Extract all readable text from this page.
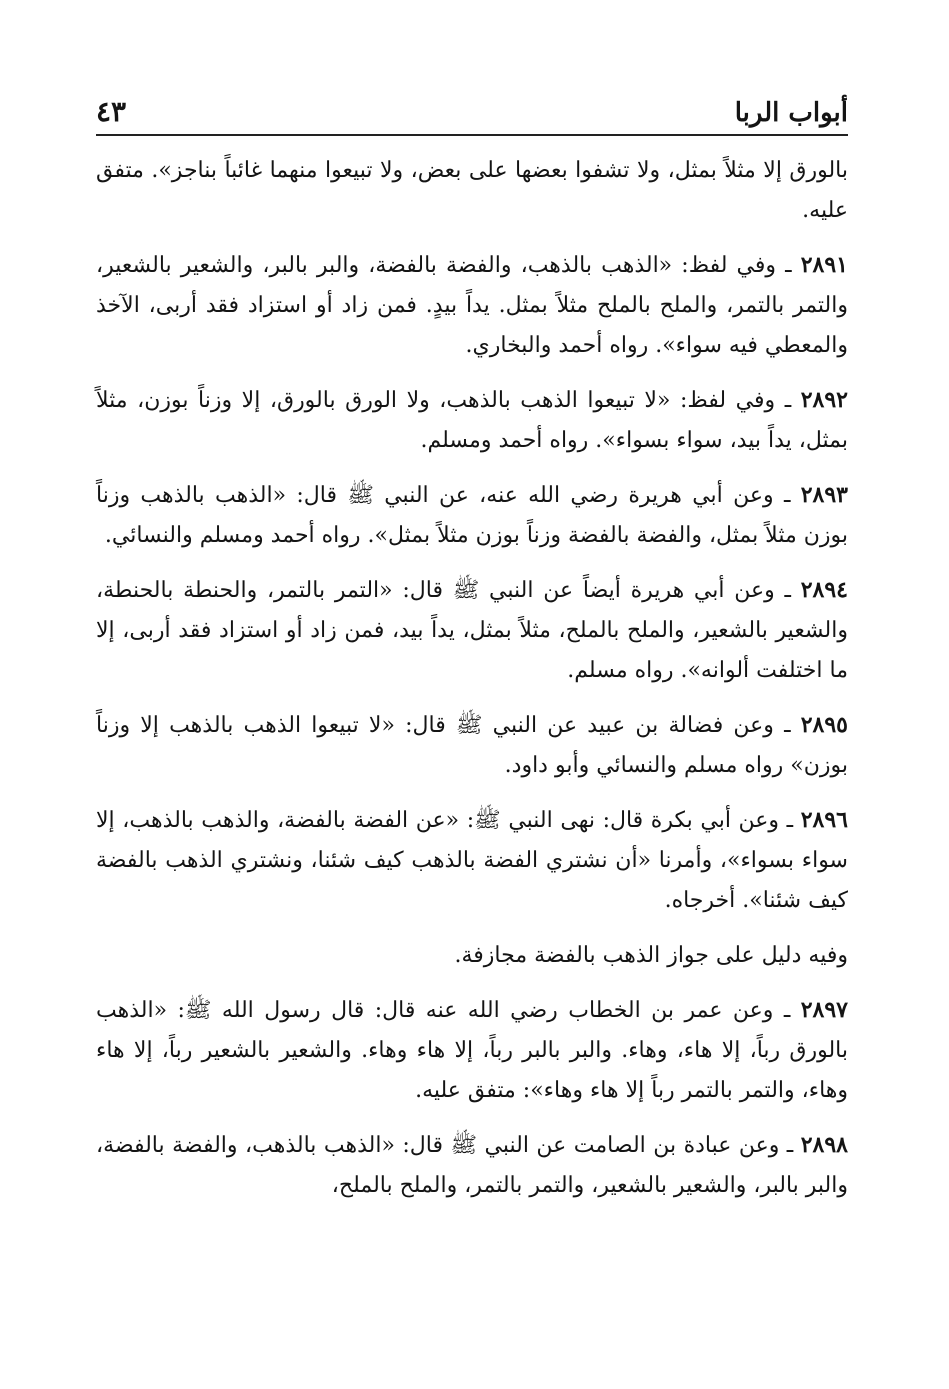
أبواب الربا
٤٣

بالورق إلا مثلاً بمثل، ولا تشفوا بعضها على بعض، ولا تبيعوا منهما غائباً بناجز». متفق عليه.

٢٨٩١ ـ وفي لفظ: «الذهب بالذهب، والفضة بالفضة، والبر بالبر، والشعير بالشعير، والتمر بالتمر، والملح بالملح مثلاً بمثل. يداً بيدٍ. فمن زاد أو استزاد فقد أربى، الآخذ والمعطي فيه سواء». رواه أحمد والبخاري.

٢٨٩٢ ـ وفي لفظ: «لا تبيعوا الذهب بالذهب، ولا الورق بالورق، إلا وزناً بوزن، مثلاً بمثل، يداً بيد، سواء بسواء». رواه أحمد ومسلم.

٢٨٩٣ ـ وعن أبي هريرة رضي الله عنه، عن النبي ﷺ قال: «الذهب بالذهب وزناً بوزن مثلاً بمثل، والفضة بالفضة وزناً بوزن مثلاً بمثل». رواه أحمد ومسلم والنسائي.

٢٨٩٤ ـ وعن أبي هريرة أيضاً عن النبي ﷺ قال: «التمر بالتمر، والحنطة بالحنطة، والشعير بالشعير، والملح بالملح، مثلاً بمثل، يداً بيد، فمن زاد أو استزاد فقد أربى، إلا ما اختلفت ألوانه». رواه مسلم.

٢٨٩٥ ـ وعن فضالة بن عبيد عن النبي ﷺ قال: «لا تبيعوا الذهب بالذهب إلا وزناً بوزن» رواه مسلم والنسائي وأبو داود.

٢٨٩٦ ـ وعن أبي بكرة قال: نهى النبي ﷺ: «عن الفضة بالفضة، والذهب بالذهب، إلا سواء بسواء»، وأمرنا «أن نشتري الفضة بالذهب كيف شئنا، ونشتري الذهب بالفضة كيف شئنا». أخرجاه.

وفيه دليل على جواز الذهب بالفضة مجازفة.

٢٨٩٧ ـ وعن عمر بن الخطاب رضي الله عنه قال: قال رسول الله ﷺ: «الذهب بالورق رباً، إلا هاء، وهاء. والبر بالبر رباً، إلا هاء وهاء. والشعير بالشعير رباً، إلا هاء وهاء، والتمر بالتمر رباً إلا هاء وهاء»: متفق عليه.

٢٨٩٨ ـ وعن عبادة بن الصامت عن النبي ﷺ قال: «الذهب بالذهب، والفضة بالفضة، والبر بالبر، والشعير بالشعير، والتمر بالتمر، والملح بالملح،
